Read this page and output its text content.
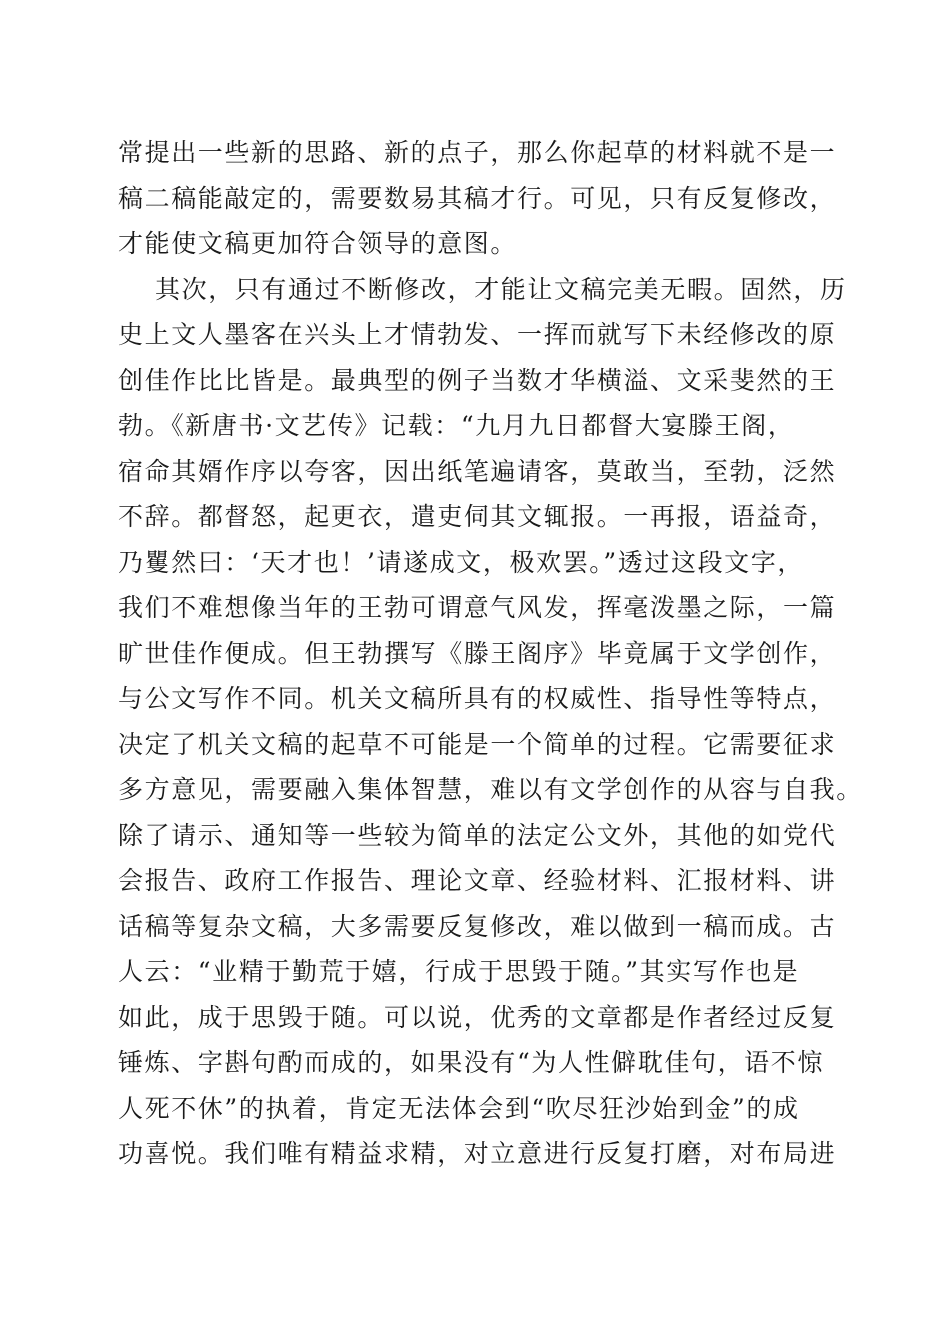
常提出一些新的思路、新的点子，那么你起草的材料就不是一
稿二稿能敲定的，需要数易其稿才行。可见，只有反复修改，
才能使文稿更加符合领导的意图。
其次，只有通过不断修改，才能让文稿完美无暇。固然，历
史上文人墨客在兴头上才情勃发、一挥而就写下未经修改的原
创佳作比比皆是。最典型的例子当数才华横溢、文采斐然的王
勃。《新唐书·文艺传》记载：“九月九日都督大宴滕王阁，
宿命其婿作序以夸客，因出纸笔遍请客，莫敢当，至勃，泛然
不辞。都督怒，起更衣，遣吏伺其文辄报。一再报，语益奇，
乃矍然曰：‘天才也！’请遂成文，极欢罢。”透过这段文字，
我们不难想像当年的王勃可谓意气风发，挥毫泼墨之际，一篇
旷世佳作便成。但王勃撰写《滕王阁序》毕竟属于文学创作，
与公文写作不同。机关文稿所具有的权威性、指导性等特点，
决定了机关文稿的起草不可能是一个简单的过程。它需要征求
多方意见，需要融入集体智慧，难以有文学创作的从容与自我。
除了请示、通知等一些较为简单的法定公文外，其他的如党代
会报告、政府工作报告、理论文章、经验材料、汇报材料、讲
话稿等复杂文稿，大多需要反复修改，难以做到一稿而成。古
人云：“业精于勤荒于嬉，行成于思毁于随。”其实写作也是
如此，成于思毁于随。可以说，优秀的文章都是作者经过反复
锤炼、字斟句酌而成的，如果没有“为人性僻耽佳句，语不惊
人死不休”的执着，肯定无法体会到“吹尽狂沙始到金”的成
功喜悦。我们唯有精益求精，对立意进行反复打磨，对布局进
